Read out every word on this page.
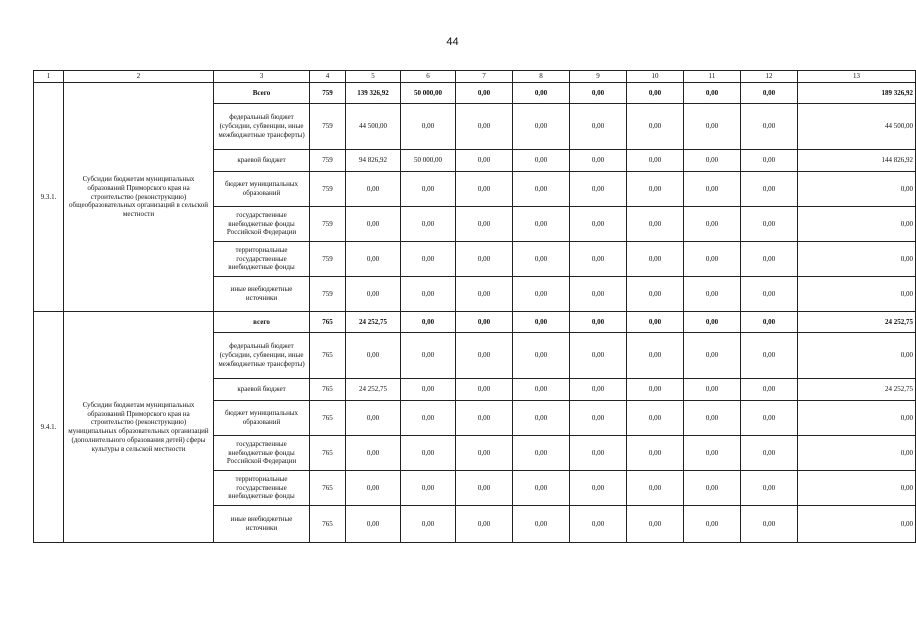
44
1	2	3	4	5	6	7	8	9	10	11	12	13
9.3.1.	Субсидии бюджетам муниципальных образований Приморского края на строительство (реконструкцию) общеобразовательных организаций в сельской местности	Всего	759	139 326,92	50 000,00	0,00	0,00	0,00	0,00	0,00	0,00	189 326,92
		федеральный бюджет (субсидии, субвенции, иные межбюджетные трансферты)	759	44 500,00	0,00	0,00	0,00	0,00	0,00	0,00	0,00	44 500,00
		краевой бюджет	759	94 826,92	50 000,00	0,00	0,00	0,00	0,00	0,00	0,00	144 826,92
		бюджет муниципальных образований	759	0,00	0,00	0,00	0,00	0,00	0,00	0,00	0,00	0,00
		государственные внебюджетные фонды Российской Федерации	759	0,00	0,00	0,00	0,00	0,00	0,00	0,00	0,00	0,00
		территориальные государственные внебюджетные фонды	759	0,00	0,00	0,00	0,00	0,00	0,00	0,00	0,00	0,00
		иные внебюджетные источники	759	0,00	0,00	0,00	0,00	0,00	0,00	0,00	0,00	0,00
9.4.1.	Субсидии бюджетам муниципальных образований Приморского края на строительство (реконструкцию) муниципальных образовательных организаций (дополнительного образования детей) сферы культуры в сельской местности	всего	765	24 252,75	0,00	0,00	0,00	0,00	0,00	0,00	0,00	24 252,75
		федеральный бюджет (субсидии, субвенции, иные межбюджетные трансферты)	765	0,00	0,00	0,00	0,00	0,00	0,00	0,00	0,00	0,00
		краевой бюджет	765	24 252,75	0,00	0,00	0,00	0,00	0,00	0,00	0,00	24 252,75
		бюджет муниципальных образований	765	0,00	0,00	0,00	0,00	0,00	0,00	0,00	0,00	0,00
		государственные внебюджетные фонды Российской Федерации	765	0,00	0,00	0,00	0,00	0,00	0,00	0,00	0,00	0,00
		территориальные государственные внебюджетные фонды	765	0,00	0,00	0,00	0,00	0,00	0,00	0,00	0,00	0,00
		иные внебюджетные источники	765	0,00	0,00	0,00	0,00	0,00	0,00	0,00	0,00	0,00
